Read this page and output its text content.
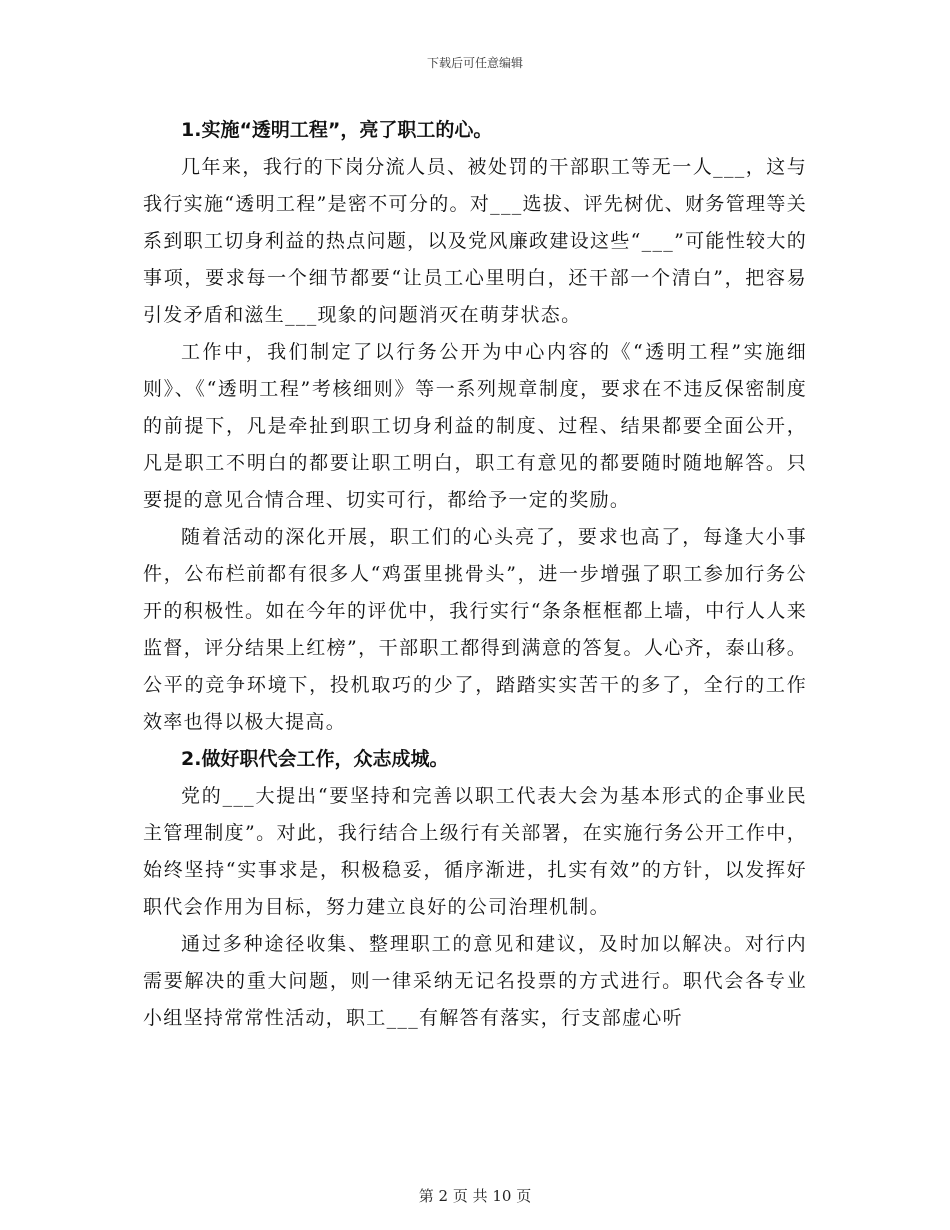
下载后可任意编辑

1.实施“透明工程”，亮了职工的心。

几年来，我行的下岗分流人员、被处罚的干部职工等无一人___，这与我行实施“透明工程”是密不可分的。对___选拔、评先树优、财务管理等关系到职工切身利益的热点问题，以及党风廉政建设这些“___”可能性较大的事项，要求每一个细节都要“让员工心里明白，还干部一个清白”，把容易引发矛盾和滋生___现象的问题消灭在萌芽状态。

工作中，我们制定了以行务公开为中心内容的《“透明工程”实施细则》、《“透明工程”考核细则》等一系列规章制度，要求在不违反保密制度的前提下，凡是牵扯到职工切身利益的制度、过程、结果都要全面公开，凡是职工不明白的都要让职工明白，职工有意见的都要随时随地解答。只要提的意见合情合理、切实可行，都给予一定的奖励。

随着活动的深化开展，职工们的心头亮了，要求也高了，每逢大小事件，公布栏前都有很多人“鸡蛋里挑骨头”，进一步增强了职工参加行务公开的积极性。如在今年的评优中，我行实行“条条框框都上墙，中行人人来监督，评分结果上红榜”，干部职工都得到满意的答复。人心齐，泰山移。公平的竞争环境下，投机取巧的少了，踏踏实实苦干的多了，全行的工作效率也得以极大提高。

2.做好职代会工作，众志成城。

党的___大提出“要坚持和完善以职工代表大会为基本形式的企事业民主管理制度”。对此，我行结合上级行有关部署，在实施行务公开工作中，始终坚持“实事求是，积极稳妥，循序渐进，扎实有效”的方针，以发挥好职代会作用为目标，努力建立良好的公司治理机制。

通过多种途径收集、整理职工的意见和建议，及时加以解决。对行内需要解决的重大问题，则一律采纳无记名投票的方式进行。职代会各专业小组坚持常常性活动，职工___有解答有落实，行支部虚心听

第 2 页 共 10 页
